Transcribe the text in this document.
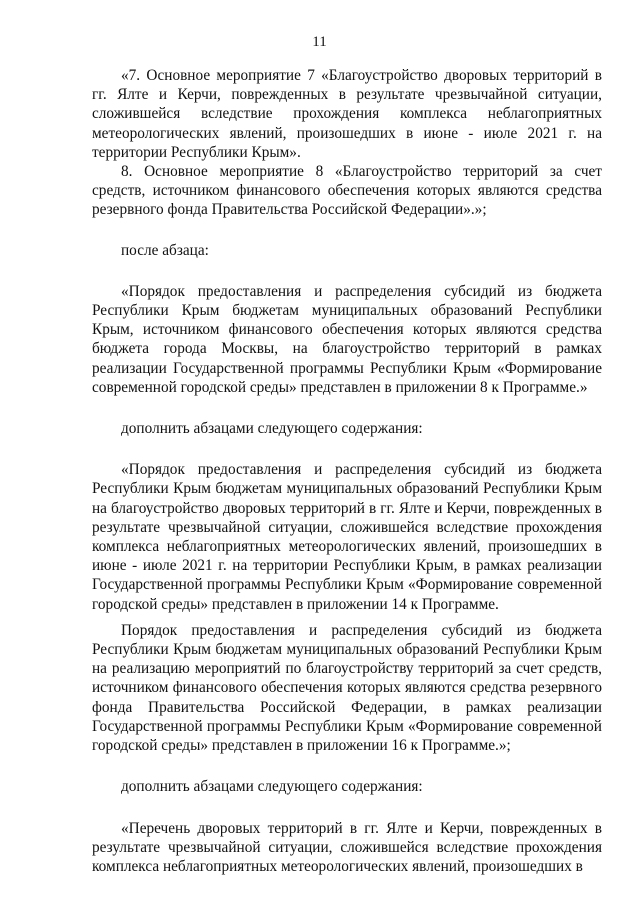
11

«7. Основное мероприятие 7 «Благоустройство дворовых территорий в гг. Ялте и Керчи, поврежденных в результате чрезвычайной ситуации, сложившейся вследствие прохождения комплекса неблагоприятных метеорологических явлений, произошедших в июне - июле 2021 г. на территории Республики Крым».

8. Основное мероприятие 8 «Благоустройство территорий за счет средств, источником финансового обеспечения которых являются средства резервного фонда Правительства Российской Федерации».»;

после абзаца:

«Порядок предоставления и распределения субсидий из бюджета Республики Крым бюджетам муниципальных образований Республики Крым, источником финансового обеспечения которых являются средства бюджета города Москвы, на благоустройство территорий в рамках реализации Государственной программы Республики Крым «Формирование современной городской среды» представлен в приложении 8 к Программе.»

дополнить абзацами следующего содержания:

«Порядок предоставления и распределения субсидий из бюджета Республики Крым бюджетам муниципальных образований Республики Крым на благоустройство дворовых территорий в гг. Ялте и Керчи, поврежденных в результате чрезвычайной ситуации, сложившейся вследствие прохождения комплекса неблагоприятных метеорологических явлений, произошедших в июне - июле 2021 г. на территории Республики Крым, в рамках реализации Государственной программы Республики Крым «Формирование современной городской среды» представлен в приложении 14 к Программе.

Порядок предоставления и распределения субсидий из бюджета Республики Крым бюджетам муниципальных образований Республики Крым на реализацию мероприятий по благоустройству территорий за счет средств, источником финансового обеспечения которых являются средства резервного фонда Правительства Российской Федерации, в рамках реализации Государственной программы Республики Крым «Формирование современной городской среды» представлен в приложении 16 к Программе.»;

дополнить абзацами следующего содержания:

«Перечень дворовых территорий в гг. Ялте и Керчи, поврежденных в результате чрезвычайной ситуации, сложившейся вследствие прохождения комплекса неблагоприятных метеорологических явлений, произошедших в
